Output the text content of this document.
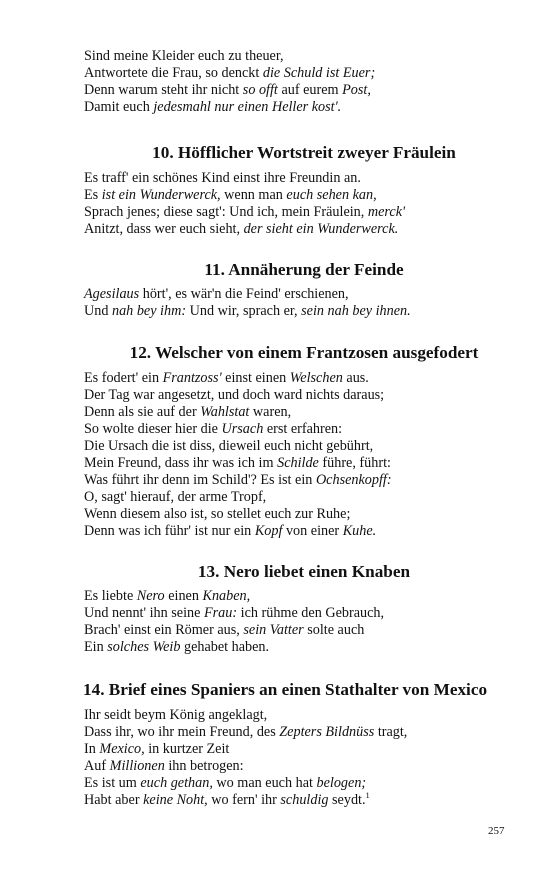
Sind meine Kleider euch zu theuer,
Antwortete die Frau, so denckt die Schuld ist Euer;
Denn warum steht ihr nicht so offt auf eurem Post,
Damit euch jedesmahl nur einen Heller kost'.
10. Höfflicher Wortstreit zweyer Fräulein
Es traff' ein schönes Kind einst ihre Freundin an.
Es ist ein Wunderwerck, wenn man euch sehen kan,
Sprach jenes; diese sagt': Und ich, mein Fräulein, merck'
Anitzt, dass wer euch sieht, der sieht ein Wunderwerck.
11. Annäherung der Feinde
Agesilaus hört', es wär'n die Feind' erschienen,
Und nah bey ihm: Und wir, sprach er, sein nah bey ihnen.
12. Welscher von einem Frantzosen ausgefodert
Es fodert' ein Frantzoss' einst einen Welschen aus.
Der Tag war angesetzt, und doch ward nichts daraus;
Denn als sie auf der Wahlstat waren,
So wolte dieser hier die Ursach erst erfahren:
Die Ursach die ist diss, dieweil euch nicht gebührt,
Mein Freund, dass ihr was ich im Schilde führe, führt:
Was führt ihr denn im Schild'? Es ist ein Ochsenkopff:
O, sagt' hierauf, der arme Tropf,
Wenn diesem also ist, so stellet euch zur Ruhe;
Denn was ich führ' ist nur ein Kopf von einer Kuhe.
13. Nero liebet einen Knaben
Es liebte Nero einen Knaben,
Und nennt' ihn seine Frau: ich rühme den Gebrauch,
Brach' einst ein Römer aus, sein Vatter solte auch
Ein solches Weib gehabet haben.
14. Brief eines Spaniers an einen Stathalter von Mexico
Ihr seidt beym König angeklagt,
Dass ihr, wo ihr mein Freund, des Zepters Bildnüss tragt,
In Mexico, in kurtzer Zeit
Auf Millionen ihn betrogen:
Es ist um euch gethan, wo man euch hat belogen;
Habt aber keine Noht, wo fern' ihr schuldig seydt.$^1$
257
